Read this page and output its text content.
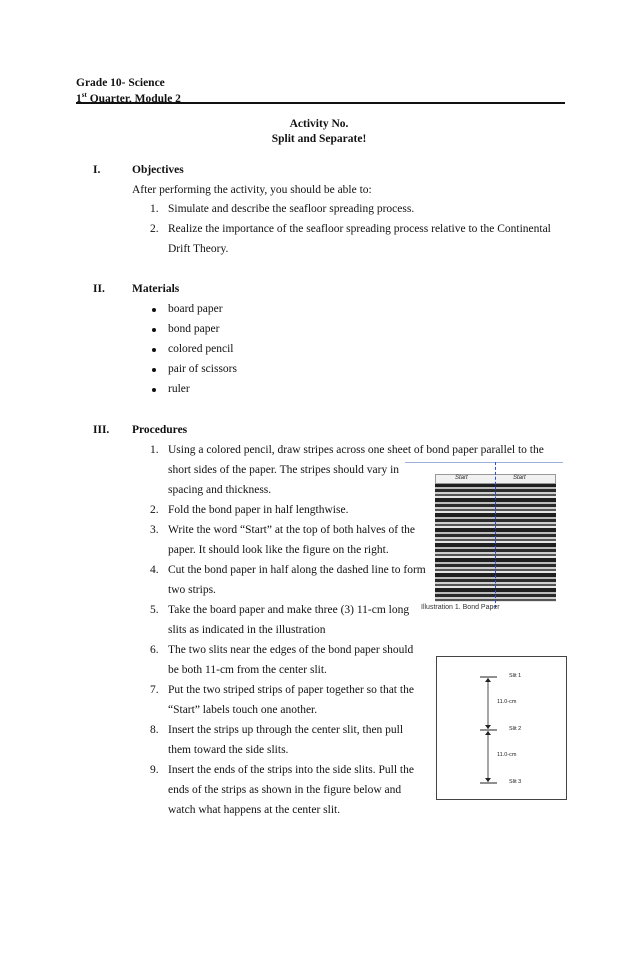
Grade 10- Science
1st Quarter, Module 2
Activity No.
Split and Separate!
I.	Objectives
After performing the activity, you should be able to:
1. Simulate and describe the seafloor spreading process.
2. Realize the importance of the seafloor spreading process relative to the Continental
Drift Theory.
II. Materials
board paper
bond paper
colored pencil
pair of scissors
ruler
III. Procedures
1. Using a colored pencil, draw stripes across one sheet of bond paper parallel to the
short sides of the paper. The stripes should vary in
spacing and thickness.
2. Fold the bond paper in half lengthwise.
3. Write the word “Start” at the top of both halves of the
paper. It should look like the figure on the right.
4. Cut the bond paper in half along the dashed line to form
two strips.
5. Take the board paper and make three (3) 11-cm long
slits as indicated in the illustration
6. The two slits near the edges of the bond paper should
be both 11-cm from the center slit.
7. Put the two striped strips of paper together so that the
“Start” labels touch one another.
8. Insert the strips up through the center slit, then pull
them toward the side slits.
9. Insert the ends of the strips into the side slits. Pull the
ends of the strips as shown in the figure below and
watch what happens at the center slit.
Start	Start
Illustration 1. Bond Paper
Slit 1
Slit 2
Slit 3
11.0-cm
11.0-cm
